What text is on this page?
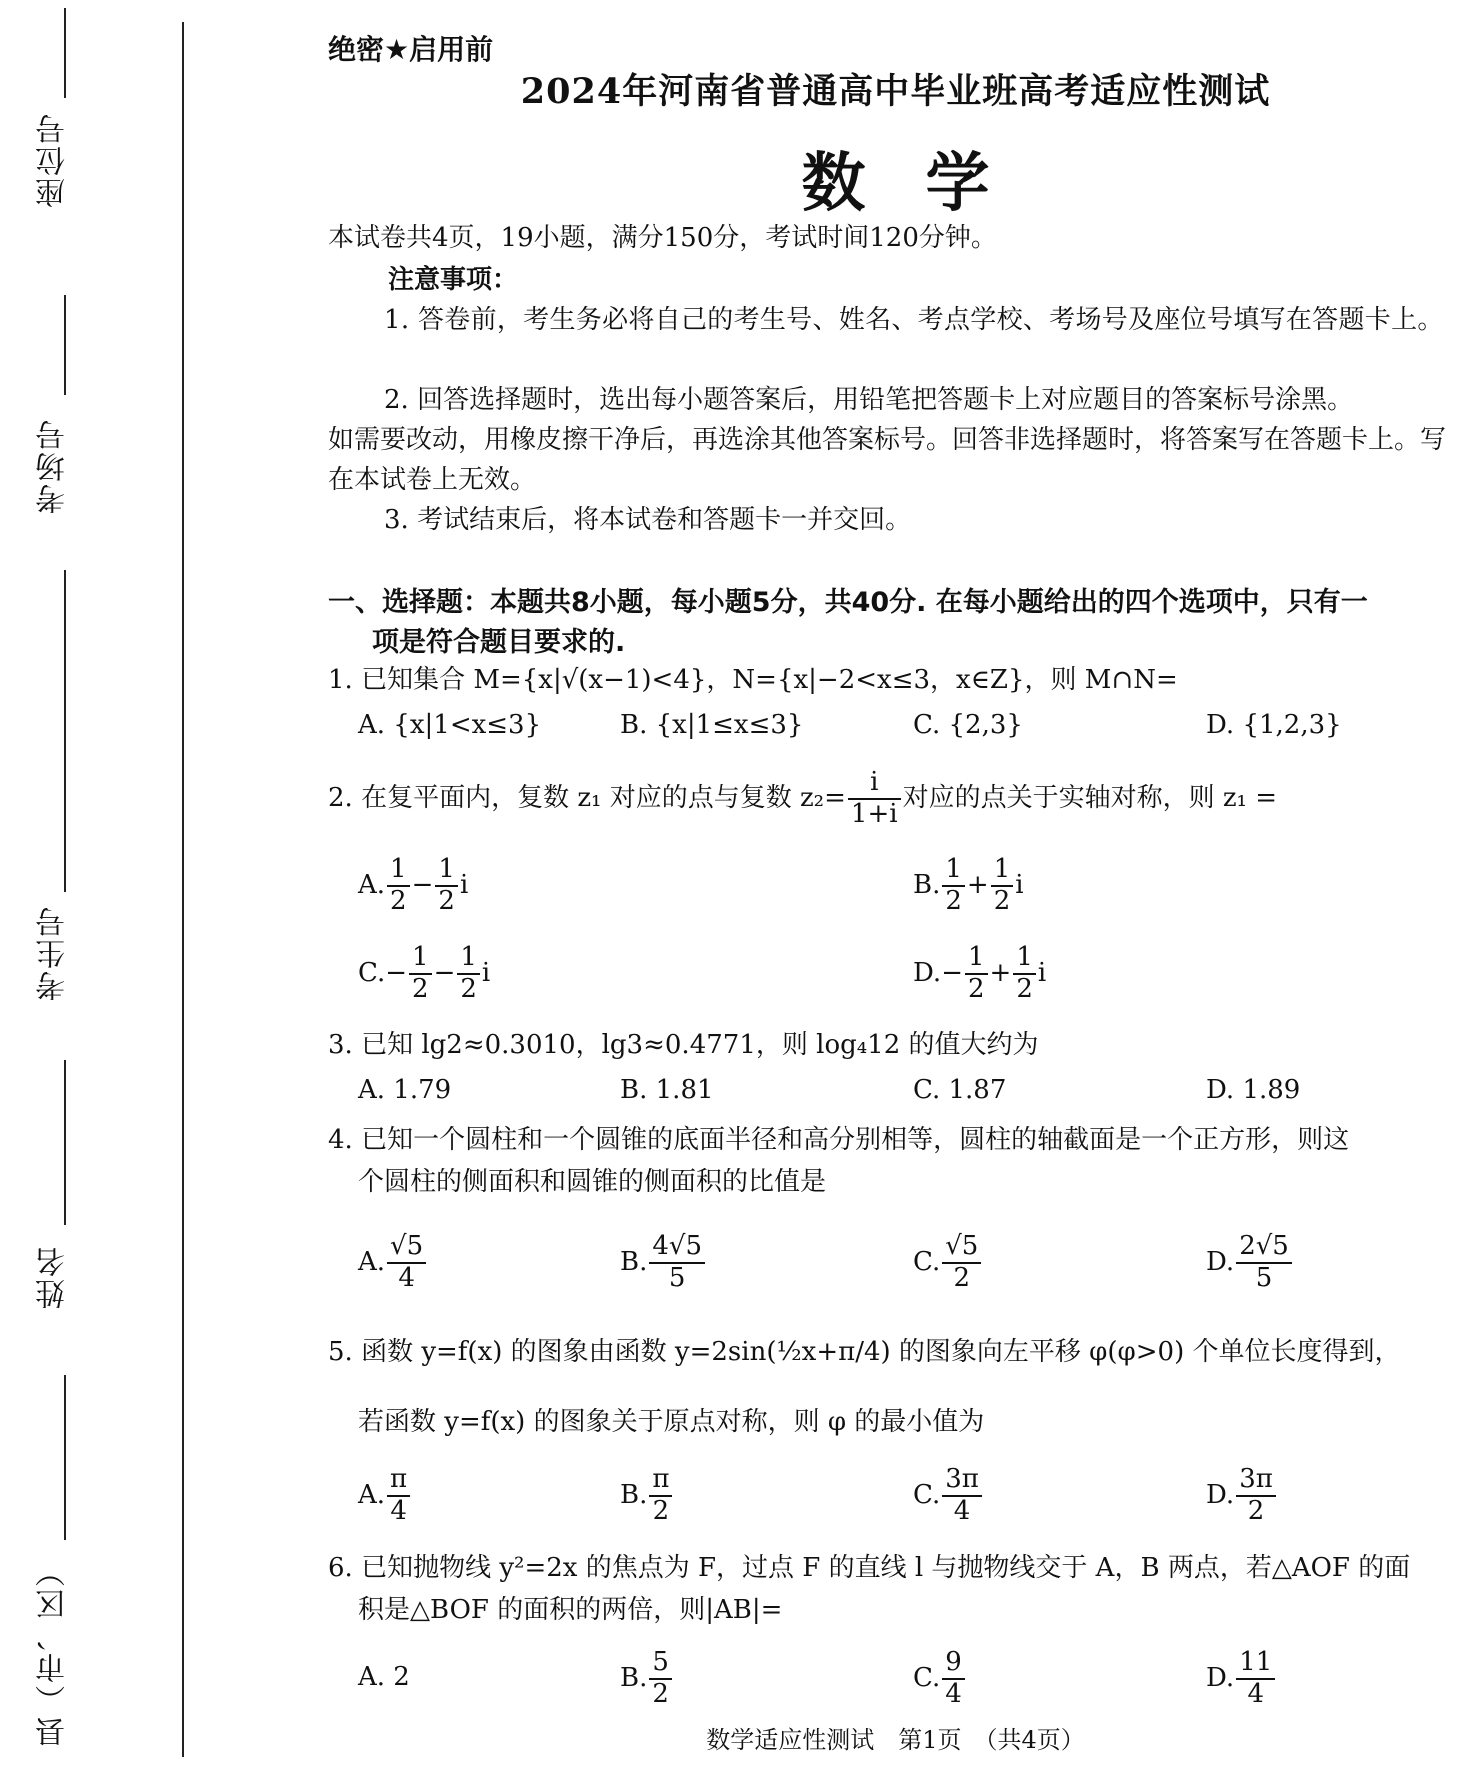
座位号
考场号
考生号
姓名
县（市、区）
绝密★启用前
2024年河南省普通高中毕业班高考适应性测试
数学
本试卷共4页，19小题，满分150分，考试时间120分钟。
注意事项：
1. 答卷前，考生务必将自己的考生号、姓名、考点学校、考场号及座位号填写在答题卡上。
2. 回答选择题时，选出每小题答案后，用铅笔把答题卡上对应题目的答案标号涂黑。
如需要改动，用橡皮擦干净后，再选涂其他答案标号。回答非选择题时，将答案写在答题卡上。写在本试卷上无效。
3. 考试结束后，将本试卷和答题卡一并交回。
一、选择题：本题共8小题，每小题5分，共40分. 在每小题给出的四个选项中，只有一
项是符合题目要求的.
1. 已知集合 M={x|√(x−1)<4}，N={x|−2<x≤3，x∈Z}，则 M∩N=
A. {x|1<x≤3}	B. {x|1≤x≤3}	C. {2,3}	D. {1,2,3}
2. 在复平面内，复数 z₁ 对应的点与复数 $z_2= \frac{i}{1+i}$ 对应的点关于实轴对称，则 z₁ =
A. $\frac{1}{2} - \frac{1}{2}$ i	B. $\frac{1}{2} + \frac{1}{2}$ i
$C.- \frac{1}{2} - \frac{1}{2}$ i	$D.- \frac{1}{2} + \frac{1}{2}$ i
3. 已知 lg2≈0.3010，lg3≈0.4771，则 log₄12 的值大约为
A. 1.79	B. 1.81	C. 1.87	D. 1.89
4. 已知一个圆柱和一个圆锥的底面半径和高分别相等，圆柱的轴截面是一个正方形，则这
个圆柱的侧面积和圆锥的侧面积的比值是
A. $\frac{√5}{4}$	B. $\frac{4√5}{5}$	C. $\frac{√5}{2}$	D. $\frac{2√5}{5}$
5. 函数 y=f(x) 的图象由函数 y=2sin(½x+π/4) 的图象向左平移 φ(φ>0) 个单位长度得到，
若函数 y=f(x) 的图象关于原点对称，则 φ 的最小值为
A. $\frac{\pi}{4}$	B. $\frac{\pi}{2}$	C. $\frac{3\pi}{4}$	D. $\frac{3\pi}{2}$
6. 已知抛物线 y²=2x 的焦点为 F，过点 F 的直线 l 与抛物线交于 A，B 两点，若△AOF 的面
积是△BOF 的面积的两倍，则|AB|=
A. 2	B. $\frac{5}{2}$	C. $\frac{9}{4}$	D. $\frac{11}{4}$
数学适应性测试　第1页　（共4页）
